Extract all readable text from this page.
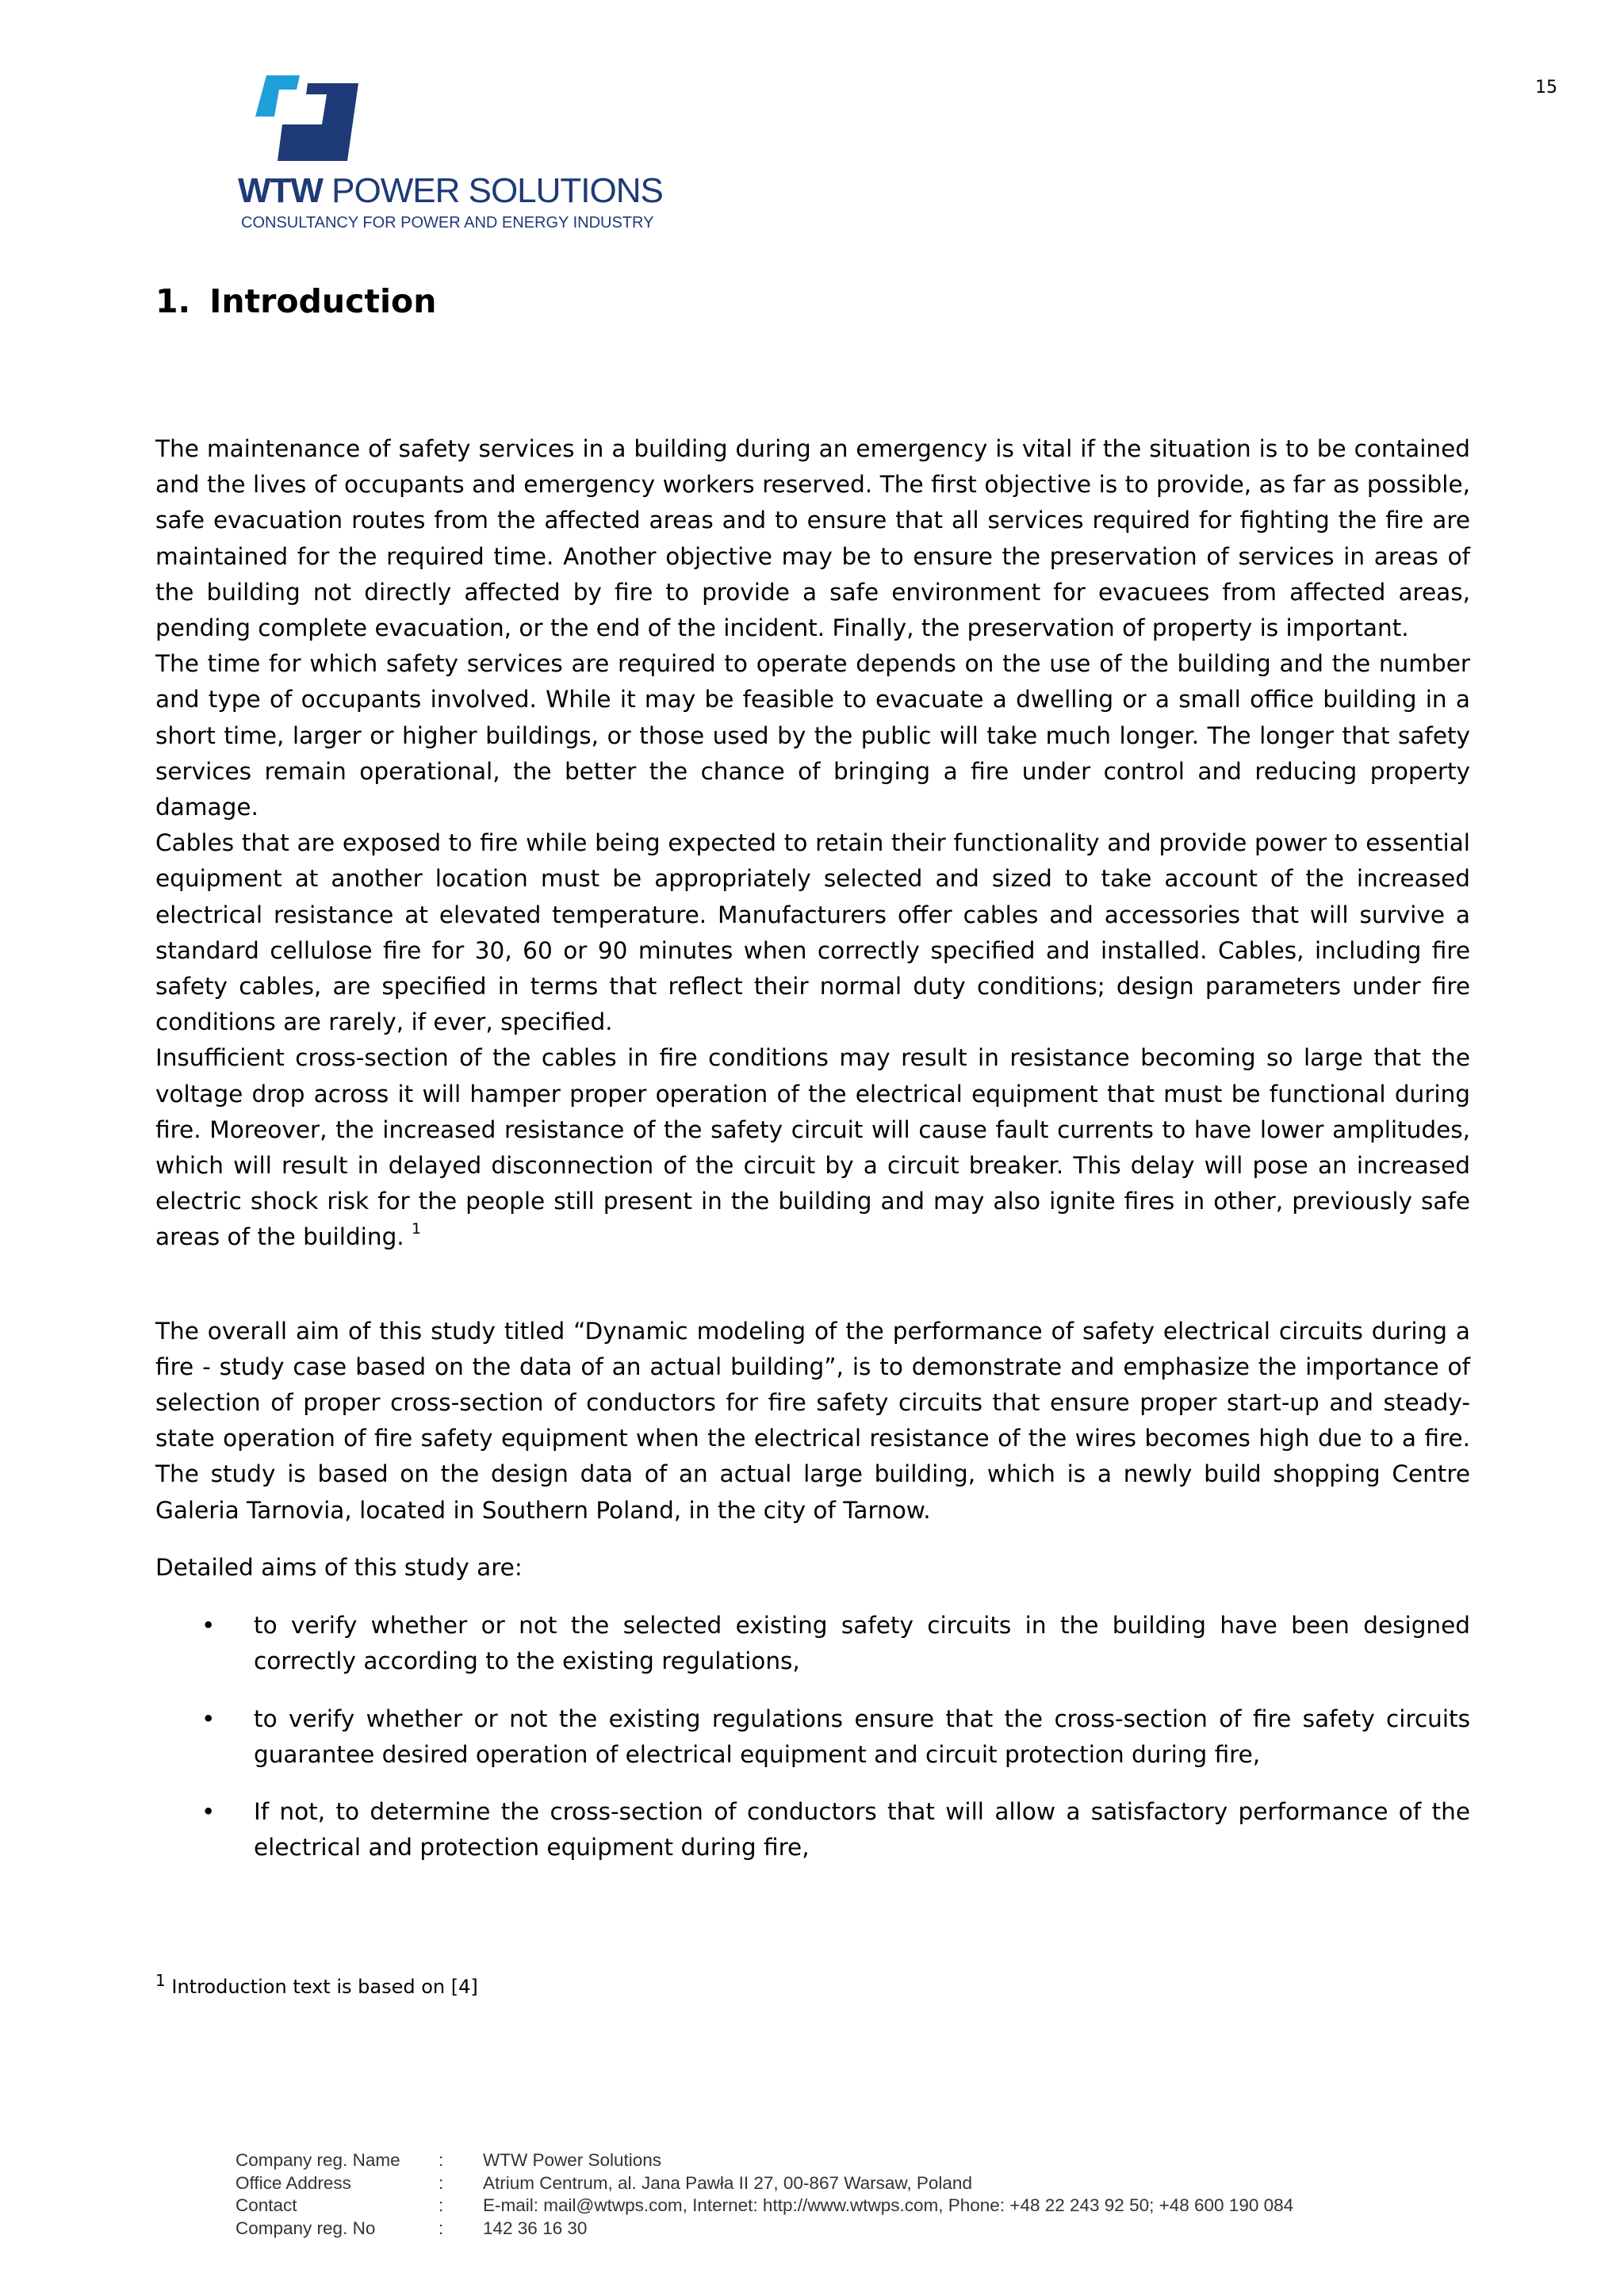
15
WTW POWER SOLUTIONS
CONSULTANCY FOR POWER AND ENERGY INDUSTRY
1. Introduction

The maintenance of safety services in a building during an emergency is vital if the situation is to be contained and the lives of occupants and emergency workers reserved. The first objective is to provide, as far as possible, safe evacuation routes from the affected areas and to ensure that all services required for fighting the fire are maintained for the required time. Another objective may be to ensure the preservation of services in areas of the building not directly affected by fire to provide a safe environment for evacuees from affected areas, pending complete evacuation, or the end of the incident. Finally, the preservation of property is important.

The time for which safety services are required to operate depends on the use of the building and the number and type of occupants involved. While it may be feasible to evacuate a dwelling or a small office building in a short time, larger or higher buildings, or those used by the public will take much longer. The longer that safety services remain operational, the better the chance of bringing a fire under control and reducing property damage.

Cables that are exposed to fire while being expected to retain their functionality and provide power to essential equipment at another location must be appropriately selected and sized to take account of the increased electrical resistance at elevated temperature. Manufacturers offer cables and accessories that will survive a standard cellulose fire for 30, 60 or 90 minutes when correctly specified and installed. Cables, including fire safety cables, are specified in terms that reflect their normal duty conditions; design parameters under fire conditions are rarely, if ever, specified.

Insufficient cross-section of the cables in fire conditions may result in resistance becoming so large that the voltage drop across it will hamper proper operation of the electrical equipment that must be functional during fire. Moreover, the increased resistance of the safety circuit will cause fault currents to have lower amplitudes, which will result in delayed disconnection of the circuit by a circuit breaker. This delay will pose an increased electric shock risk for the people still present in the building and may also ignite fires in other, previously safe areas of the building. $^1$

The overall aim of this study titled “Dynamic modeling of the performance of safety electrical circuits during a fire - study case based on the data of an actual building”, is to demonstrate and emphasize the importance of selection of proper cross-section of conductors for fire safety circuits that ensure proper start-up and steady-state operation of fire safety equipment when the electrical resistance of the wires becomes high due to a fire. The study is based on the design data of an actual large building, which is a newly build shopping Centre Galeria Tarnovia, located in Southern Poland, in the city of Tarnow.

Detailed aims of this study are:

• to verify whether or not the selected existing safety circuits in the building have been designed correctly according to the existing regulations,
• to verify whether or not the existing regulations ensure that the cross-section of fire safety circuits guarantee desired operation of electrical equipment and circuit protection during fire,
• If not, to determine the cross-section of conductors that will allow a satisfactory performance of the electrical and protection equipment during fire,
$^1$ Introduction text is based on [4]
Company reg. Name	:	WTW Power Solutions
Office Address	:	Atrium Centrum, al. Jana Pawła II 27, 00-867 Warsaw, Poland
Contact	:	E-mail: mail@wtwps.com, Internet: http://www.wtwps.com, Phone: +48 22 243 92 50; +48 600 190 084
Company reg. No	:	142 36 16 30
